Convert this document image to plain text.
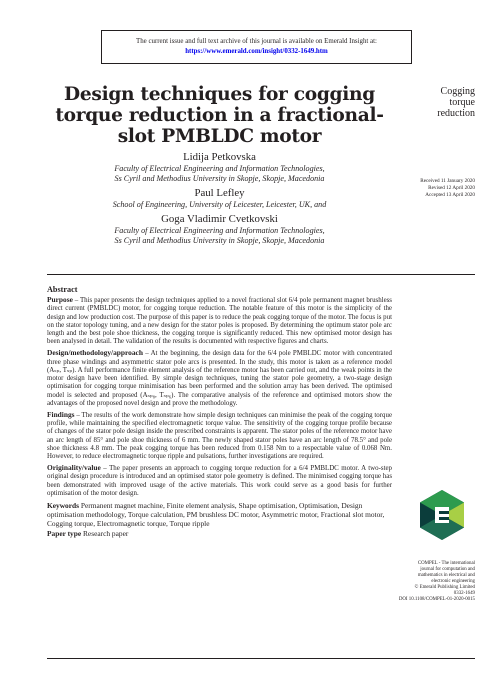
The current issue and full text archive of this journal is available on Emerald Insight at:
https://www.emerald.com/insight/0332-1649.htm
Design techniques for cogging torque reduction in a fractional-slot PMBLDC motor
Cogging
torque
reduction
Received 11 January 2020
Revised 12 April 2020
Accepted 13 April 2020
Lidija Petkovska
Faculty of Electrical Engineering and Information Technologies,
Ss Cyril and Methodius University in Skopje, Skopje, Macedonia
Paul Lefley
School of Engineering, University of Leicester, Leicester, UK, and
Goga Vladimir Cvetkovski
Faculty of Electrical Engineering and Information Technologies,
Ss Cyril and Methodius University in Skopje, Skopje, Macedonia
Abstract

Purpose – This paper presents the design techniques applied to a novel fractional slot 6/4 pole permanent magnet brushless direct current (PMBLDC) motor, for cogging torque reduction. The notable feature of this motor is the simplicity of the design and low production cost. The purpose of this paper is to reduce the peak cogging torque of the motor. The focus is put on the stator topology tuning, and a new design for the stator poles is proposed. By determining the optimum stator pole arc length and the best pole shoe thickness, the cogging torque is significantly reduced. This new optimised motor design has been analysed in detail. The validation of the results is documented with respective figures and charts.

Design/methodology/approach – At the beginning, the design data for the 6/4 pole PMBLDC motor with concentrated three phase windings and asymmetric stator pole arcs is presented. In the study, this motor is taken as a reference model (Aₛₚ, Tₛₚ). A full performance finite element analysis of the reference motor has been carried out, and the weak points in the motor design have been identified. By simple design techniques, tuning the stator pole geometry, a two-stage design optimisation for cogging torque minimisation has been performed and the solution array has been derived. The optimised model is selected and proposed (Aₛₚ₈, Tₛₚ₆). The comparative analysis of the reference and optimised motors show the advantages of the proposed novel design and prove the methodology.

Findings – The results of the work demonstrate how simple design techniques can minimise the peak of the cogging torque profile, while maintaining the specified electromagnetic torque value. The sensitivity of the cogging torque profile because of changes of the stator pole design inside the prescribed constraints is apparent. The stator poles of the reference motor have an arc length of 85° and pole shoe thickness of 6 mm. The newly shaped stator poles have an arc length of 78.5° and pole shoe thickness 4.8 mm. The peak cogging torque has been reduced from 0.158 Nm to a respectable value of 0.068 Nm. However, to reduce electromagnetic torque ripple and pulsations, further investigations are required.

Originality/value – The paper presents an approach to cogging torque reduction for a 6/4 PMBLDC motor. A two-step original design procedure is introduced and an optimised stator pole geometry is defined. The minimised cogging torque has been demonstrated with improved usage of the active materials. This work could serve as a good basis for further optimisation of the motor design.

Keywords Permanent magnet machine, Finite element analysis, Shape optimisation, Optimisation, Design optimisation methodology, Torque calculation, PM brushless DC motor, Asymmetric motor, Fractional slot motor, Cogging torque, Electromagnetic torque, Torque ripple
Paper type Research paper
COMPEL - The international
journal for computation and
mathematics in electrical and
electronic engineering
© Emerald Publishing Limited
0332-1649
DOI 10.1108/COMPEL-01-2020-0015
